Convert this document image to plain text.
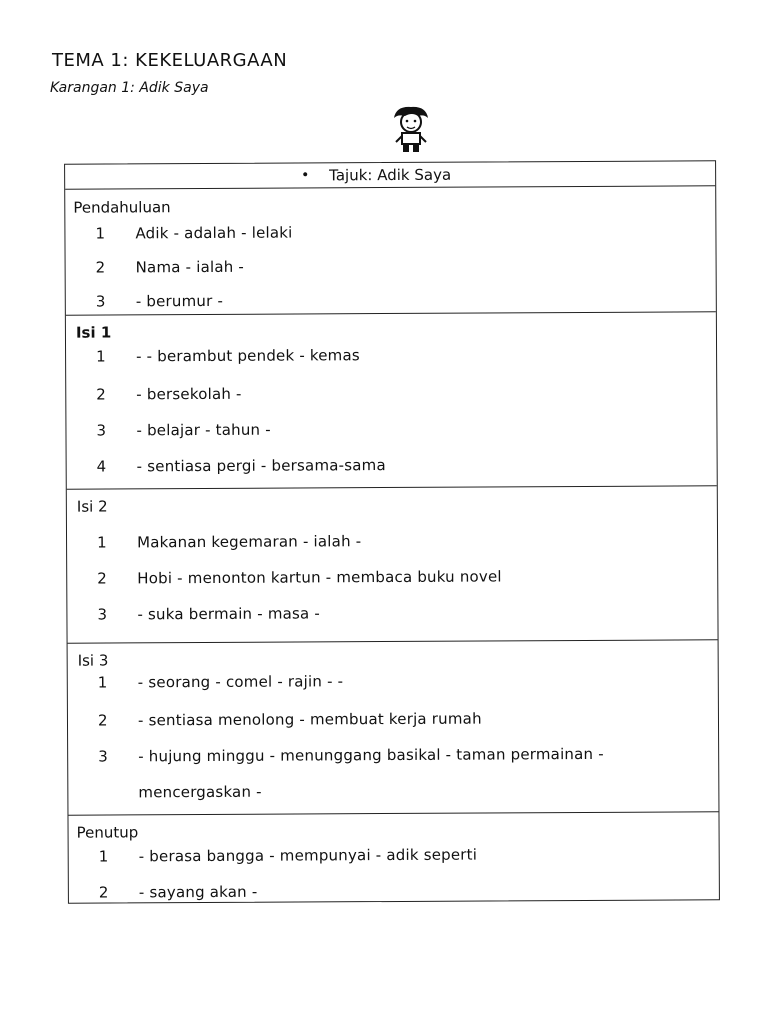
TEMA 1: KEKELUARGAAN
Karangan 1: Adik Saya
• Tajuk: Adik Saya
Pendahuluan
1 Adik - adalah - lelaki
2 Nama - ialah -
3 - berumur -
Isi 1
1 - - berambut pendek - kemas
2 - bersekolah -
3 - belajar - tahun -
4 - sentiasa pergi - bersama-sama
Isi 2
1 Makanan kegemaran - ialah -
2 Hobi - menonton kartun - membaca buku novel
3 - suka bermain - masa -
Isi 3
1 - seorang - comel - rajin - -
2 - sentiasa menolong - membuat kerja rumah
3 - hujung minggu - menunggang basikal - taman permainan -
mencergaskan -
Penutup
1 - berasa bangga - mempunyai - adik seperti
2 - sayang akan -
